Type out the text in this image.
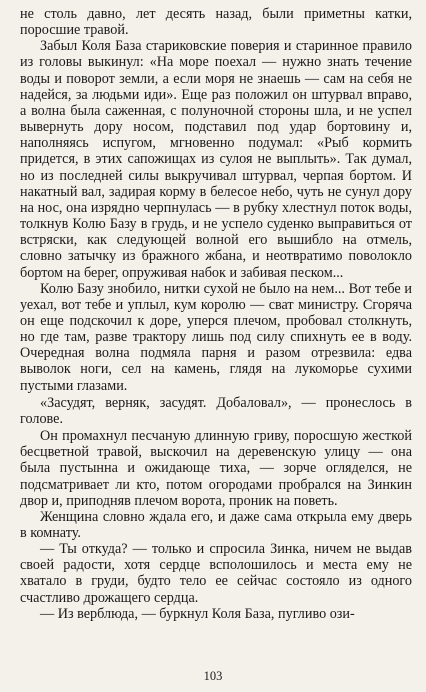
не столь давно, лет десять назад, были приметны катки, поросшие травой.

Забыл Коля База стариковские поверия и старинное правило из головы выкинул: «На море поехал — нужно знать течение воды и поворот земли, а если моря не знаешь — сам на себя не надейся, за людьми иди». Еще раз положил он штурвал вправо, а волна была саженная, с полуночной стороны шла, и не успел вывернуть дору носом, подставил под удар бортовину и, наполняясь испугом, мгновенно подумал: «Рыб кормить придется, в этих сапожищах из сулоя не выплыть». Так думал, но из последней силы выкручивал штурвал, черпая бортом. И накатный вал, задирая корму в белесое небо, чуть не сунул дору на нос, она изрядно черпнулась — в рубку хлестнул поток воды, толкнув Колю Базу в грудь, и не успело суденко выправиться от встряски, как следующей волной его вышибло на отмель, словно затычку из бражного жбана, и неотвратимо поволокло бортом на берег, опруживая набок и забивая песком...

Колю Базу знобило, нитки сухой не было на нем... Вот тебе и уехал, вот тебе и уплыл, кум королю — сват министру. Сгоряча он еще подскочил к доре, уперся плечом, пробовал столкнуть, но где там, разве трактору лишь под силу спихнуть ее в воду. Очередная волна подмяла парня и разом отрезвила: едва выволок ноги, сел на камень, глядя на лукоморье сухими пустыми глазами.

«Засудят, верняк, засудят. Добаловал», — пронеслось в голове.

Он промахнул песчаную длинную гриву, поросшую жесткой бесцветной травой, выскочил на деревенскую улицу — она была пустынна и ожидающе тиха, — зорче огляделся, не подсматривает ли кто, потом огородами пробрался на Зинкин двор и, приподняв плечом ворота, проник на поветь.

Женщина словно ждала его, и даже сама открыла ему дверь в комнату.

— Ты откуда? — только и спросила Зинка, ничем не выдав своей радости, хотя сердце всполошилось и места ему не хватало в груди, будто тело ее сейчас состояло из одного счастливо дрожащего сердца.

— Из верблюда, — буркнул Коля База, пугливо ози-

103
